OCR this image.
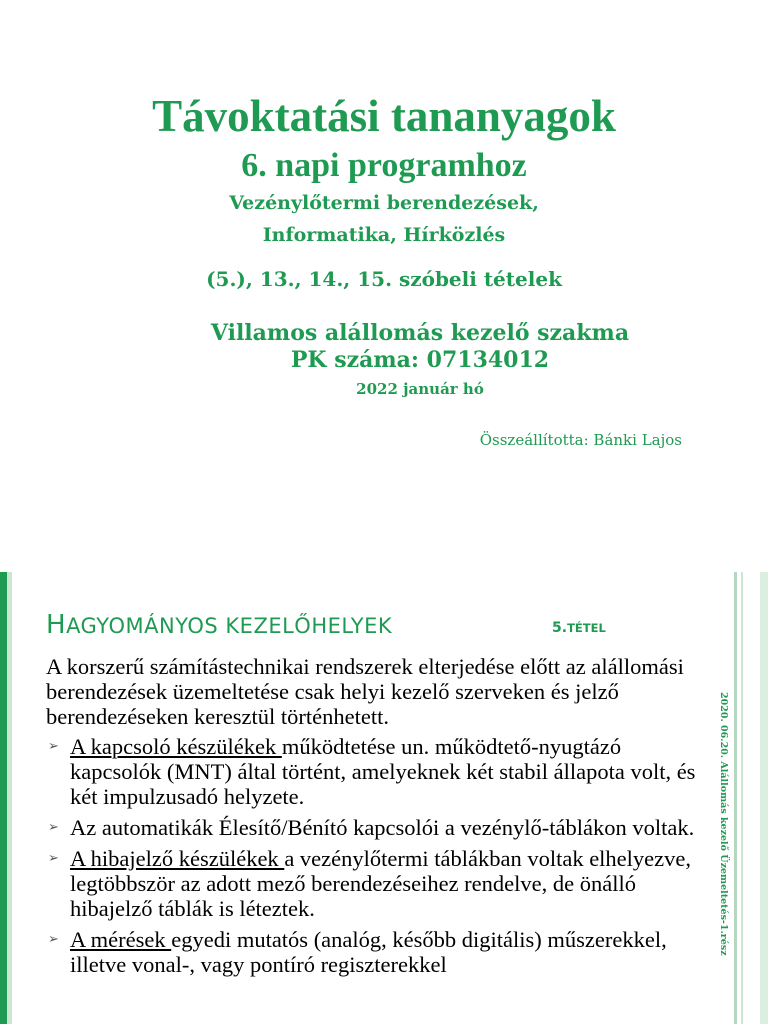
Távoktatási tananyagok
6. napi programhoz
Vezénylőtermi berendezések,
Informatika, Hírközlés
(5.), 13., 14., 15. szóbeli tételek
Villamos alállomás kezelő szakma
PK száma: 07134012
2022 január hó
Összeállította: Bánki Lajos
2020. 06.20. Alállomás kezelő Üzemeltetés-1.rész
HAGYOMÁNYOS KEZELŐHELYEK	5.TÉTEL
A korszerű számítástechnikai rendszerek elterjedése előtt az alállomási berendezések üzemeltetése csak helyi kezelő szerveken és jelző berendezéseken keresztül történhetett.
➢ A kapcsoló készülékek működtetése un. működtető-nyugtázó kapcsolók (MNT) által történt, amelyeknek két stabil állapota volt, és két impulzusadó helyzete.
➢ Az automatikák Élesítő/Bénító kapcsolói a vezénylő-táblákon voltak.
➢ A hibajelző készülékek a vezénylőtermi táblákban voltak elhelyezve, legtöbbször az adott mező berendezéseihez rendelve, de önálló hibajelző táblák is léteztek.
➢ A mérések egyedi mutatós (analóg, később digitális) műszerekkel, illetve vonal-, vagy pontíró regiszterekkel
